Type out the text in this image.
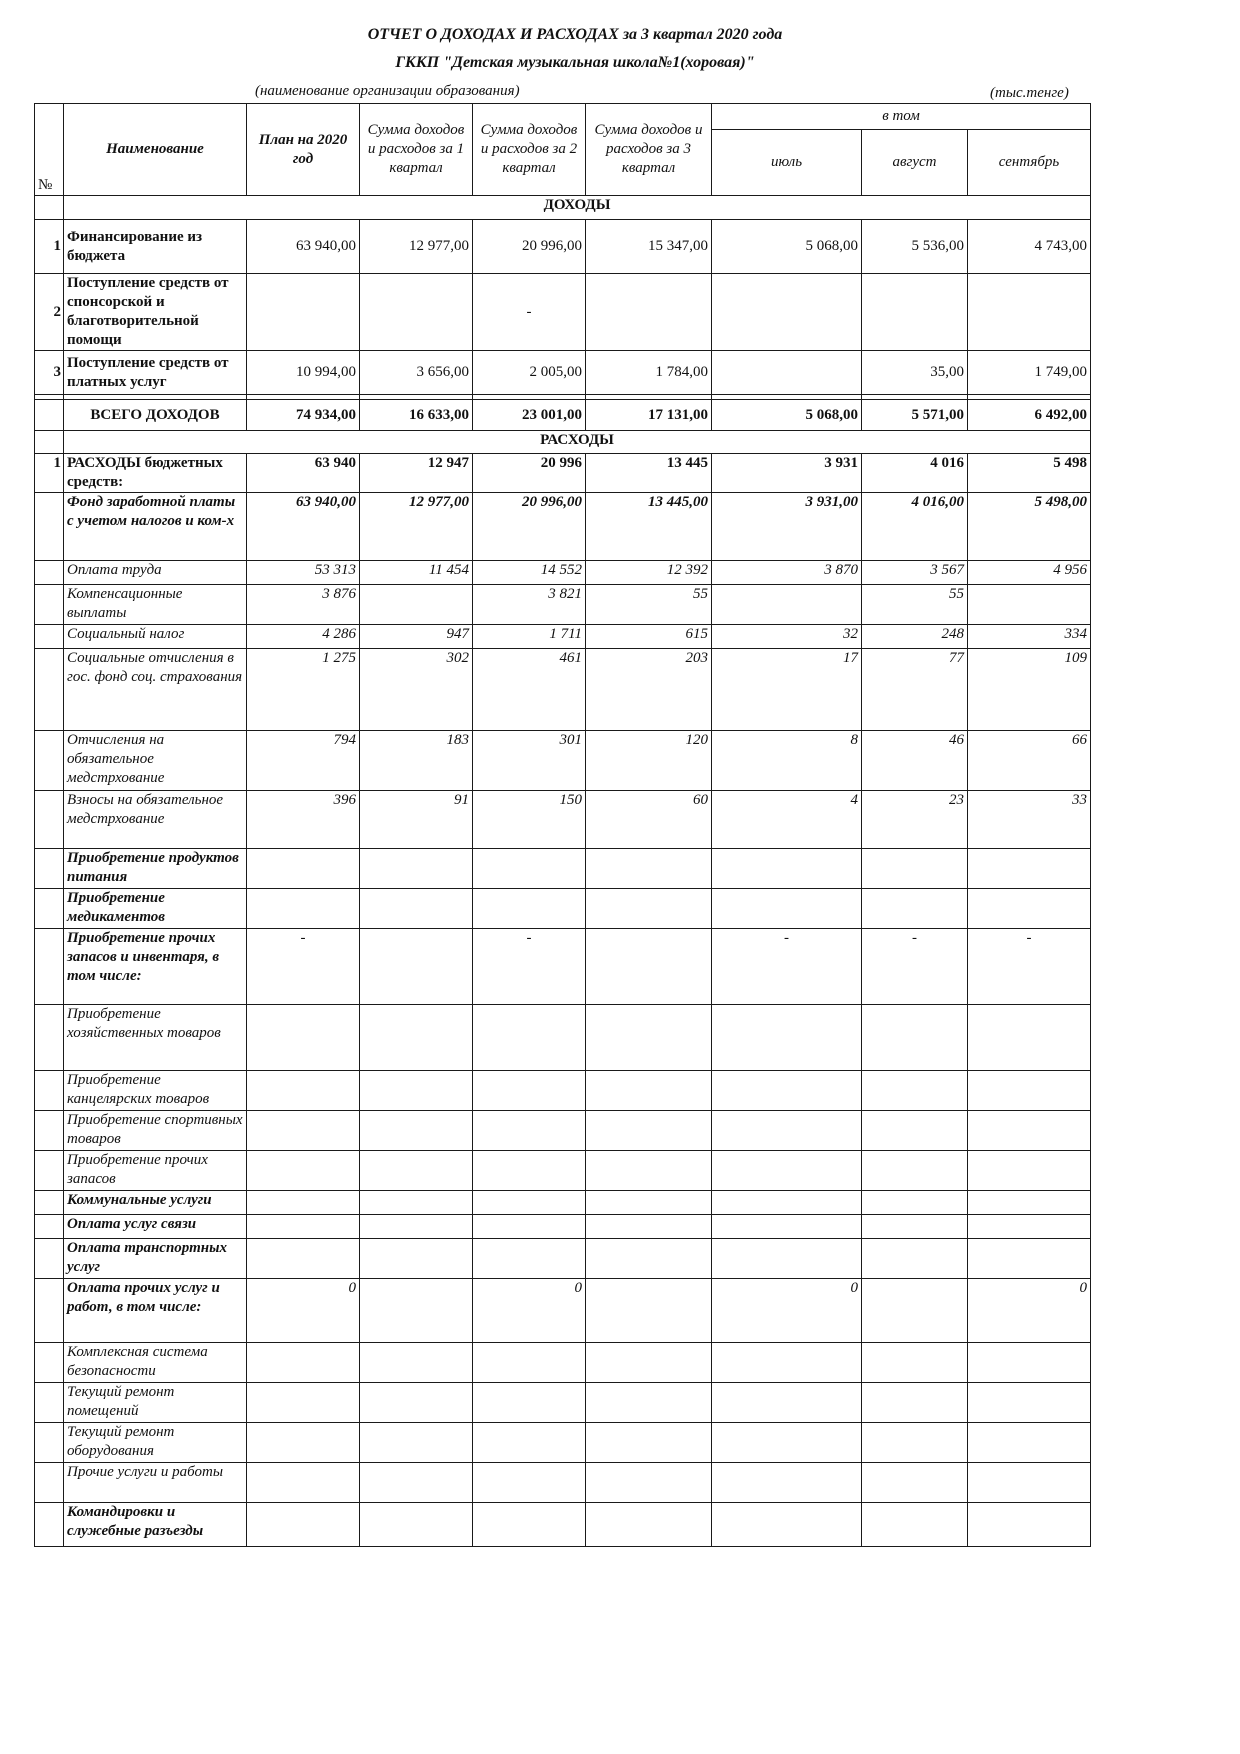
ОТЧЕТ О ДОХОДАХ И РАСХОДАХ за 3 квартал 2020 года
ГККП "Детская музыкальная школа№1(хоровая)"
(наименование организации образования)	(тыс.тенге)
№	Наименование	План на 2020 год	Сумма доходов и расходов за 1 квартал	Сумма доходов и расходов за 2 квартал	Сумма доходов и расходов за 3 квартал	в том		
						июль	август	сентябрь
	ДОХОДЫ							
1	Финансирование из бюджета	63 940,00	12 977,00	20 996,00	15 347,00	5 068,00	5 536,00	4 743,00
2	Поступление средств от спонсорской и благотворительной помощи			-				
3	Поступление средств от платных услуг	10 994,00	3 656,00	2 005,00	1 784,00		35,00	1 749,00

	ВСЕГО ДОХОДОВ	74 934,00	16 633,00	23 001,00	17 131,00	5 068,00	5 571,00	6 492,00
	РАСХОДЫ							
1	РАСХОДЫ бюджетных средств:	63 940	12 947	20 996	13 445	3 931	4 016	5 498
	Фонд заработной платы с учетом налогов и ком-х	63 940,00	12 977,00	20 996,00	13 445,00	3 931,00	4 016,00	5 498,00
	Оплата труда	53 313	11 454	14 552	12 392	3 870	3 567	4 956
	Компенсационные выплаты	3 876		3 821	55		55	
	Социальный налог	4 286	947	1 711	615	32	248	334
	Социальные отчисления в гос. фонд соц. страхования	1 275	302	461	203	17	77	109
	Отчисления на обязательное медстрхование	794	183	301	120	8	46	66
	Взносы на обязательное медстрхование	396	91	150	60	4	23	33
	Приобретение продуктов питания							
	Приобретение медикаментов							
	Приобретение прочих запасов и инвентаря, в том числе:	-		-		-	-	-
	Приобретение хозяйственных товаров							
	Приобретение канцелярских товаров							
	Приобретение спортивных товаров							
	Приобретение прочих запасов							
	Коммунальные услуги							
	Оплата услуг связи							
	Оплата транспортных услуг							
	Оплата прочих услуг и работ, в том числе:	0		0		0		0
	Комплексная система безопасности							
	Текущий ремонт помещений							
	Текущий ремонт оборудования							
	Прочие услуги и работы							
	Командировки и служебные разъезды							
